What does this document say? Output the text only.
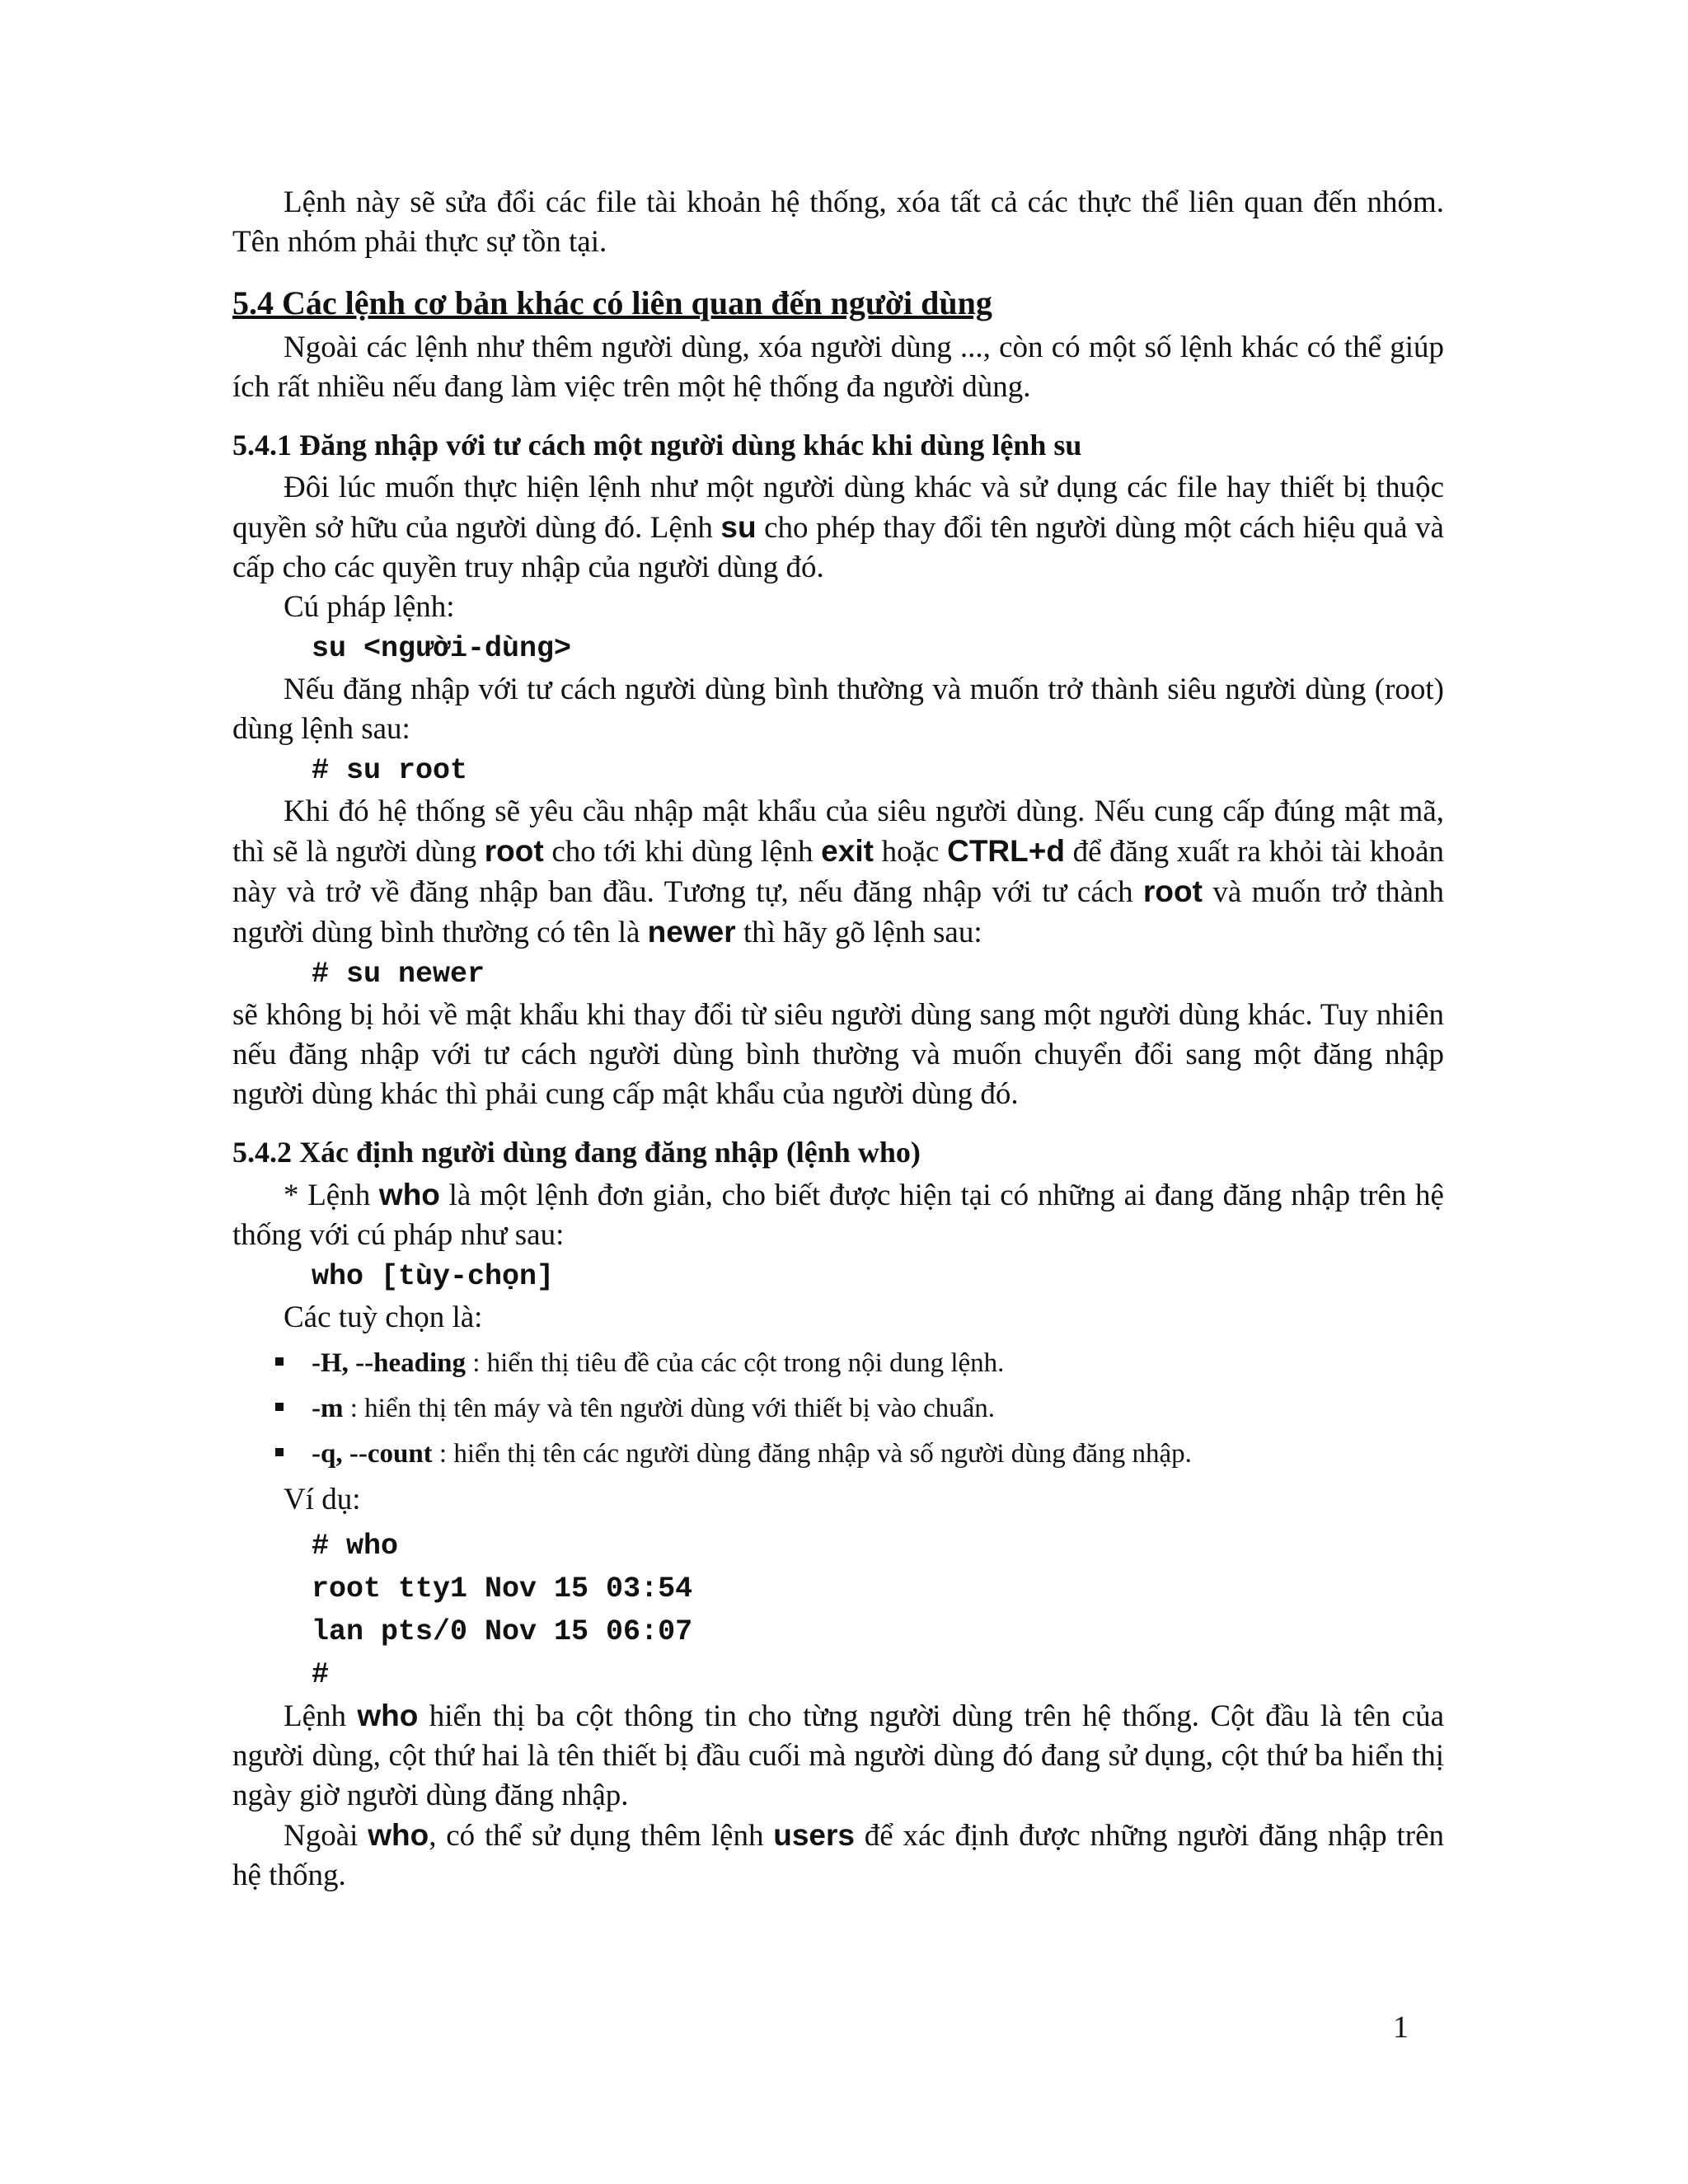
Lệnh này sẽ sửa đổi các file tài khoản hệ thống, xóa tất cả các thực thể liên quan đến nhóm. Tên nhóm phải thực sự tồn tại.

5.4 Các lệnh cơ bản khác có liên quan đến người dùng

Ngoài các lệnh như thêm người dùng, xóa người dùng ..., còn có một số lệnh khác có thể giúp ích rất nhiều nếu đang làm việc trên một hệ thống đa người dùng.

5.4.1 Đăng nhập với tư cách một người dùng khác khi dùng lệnh su

Đôi lúc muốn thực hiện lệnh như một người dùng khác và sử dụng các file hay thiết bị thuộc quyền sở hữu của người dùng đó. Lệnh su cho phép thay đổi tên người dùng một cách hiệu quả và cấp cho các quyền truy nhập của người dùng đó.

Cú pháp lệnh:

su <người-dùng>

Nếu đăng nhập với tư cách người dùng bình thường và muốn trở thành siêu người dùng (root) dùng lệnh sau:

# su root

Khi đó hệ thống sẽ yêu cầu nhập mật khẩu của siêu người dùng. Nếu cung cấp đúng mật mã, thì sẽ là người dùng root cho tới khi dùng lệnh exit hoặc CTRL+d để đăng xuất ra khỏi tài khoản này và trở về đăng nhập ban đầu. Tương tự, nếu đăng nhập với tư cách root và muốn trở thành người dùng bình thường có tên là newer thì hãy gõ lệnh sau:

# su newer

sẽ không bị hỏi về mật khẩu khi thay đổi từ siêu người dùng sang một người dùng khác. Tuy nhiên nếu đăng nhập với tư cách người dùng bình thường và muốn chuyển đổi sang một đăng nhập người dùng khác thì phải cung cấp mật khẩu của người dùng đó.

5.4.2 Xác định người dùng đang đăng nhập (lệnh who)

* Lệnh who là một lệnh đơn giản, cho biết được hiện tại có những ai đang đăng nhập trên hệ thống với cú pháp như sau:

who [tùy-chọn]

Các tuỳ chọn là:

-H, --heading : hiển thị tiêu đề của các cột trong nội dung lệnh.
-m : hiển thị tên máy và tên người dùng với thiết bị vào chuẩn.
-q, --count : hiển thị tên các người dùng đăng nhập và số người dùng đăng nhập.

Ví dụ:

# who
root tty1 Nov 15 03:54
lan pts/0 Nov 15 06:07
#

Lệnh who hiển thị ba cột thông tin cho từng người dùng trên hệ thống. Cột đầu là tên của người dùng, cột thứ hai là tên thiết bị đầu cuối mà người dùng đó đang sử dụng, cột thứ ba hiển thị ngày giờ người dùng đăng nhập.

Ngoài who, có thể sử dụng thêm lệnh users để xác định được những người đăng nhập trên hệ thống.

1
